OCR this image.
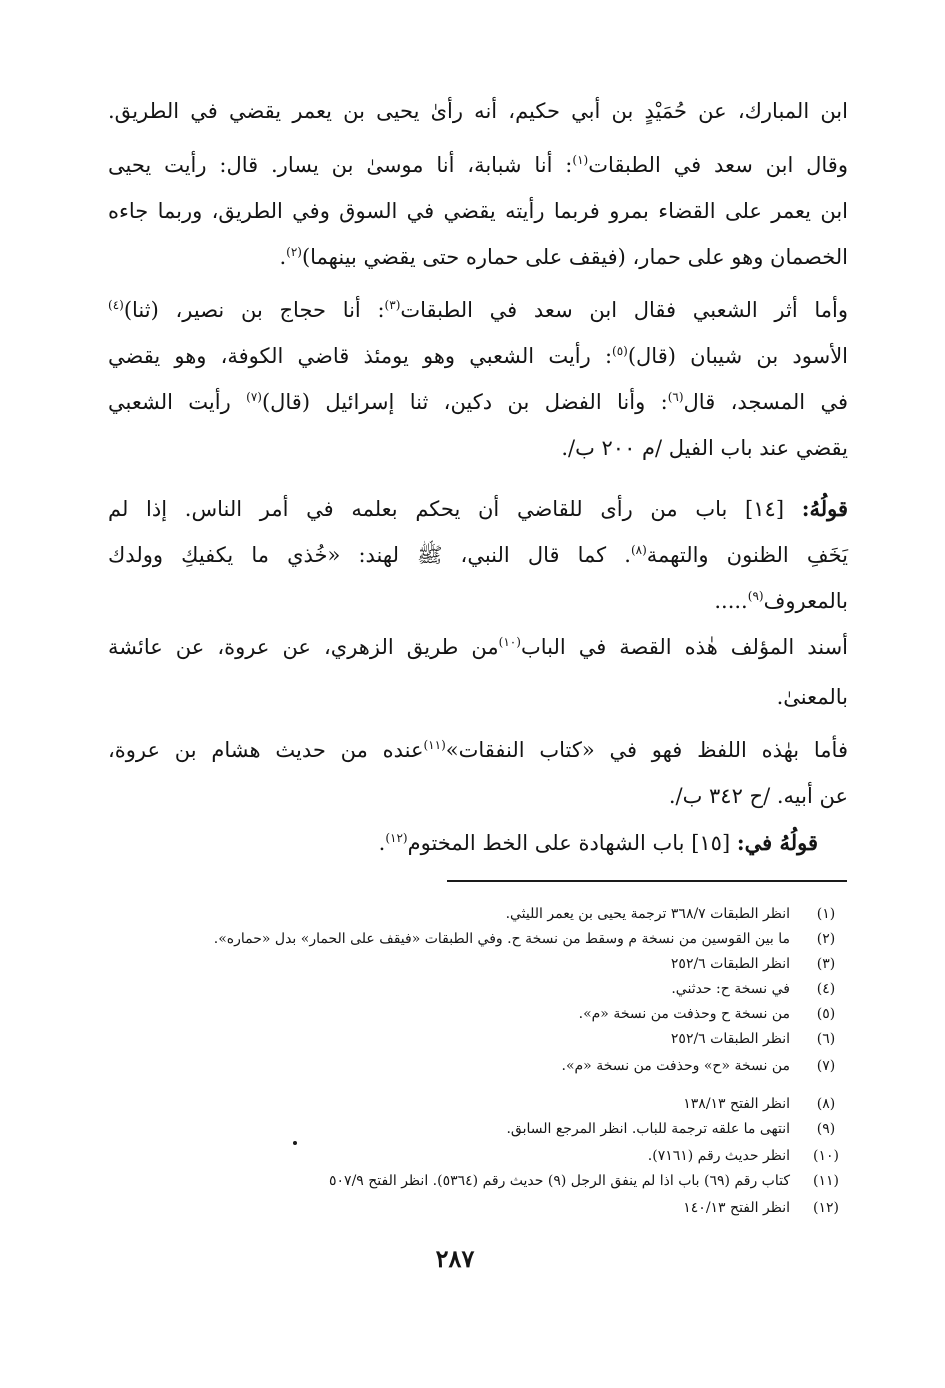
ابن المبارك، عن حُمَيْدٍ بن أبي حكيم، أنه رأىٰ يحيى بن يعمر يقضي في الطريق.
وقال ابن سعد في الطبقات$^{(١)}$: أنا شبابة، أنا موسىٰ بن يسار. قال: رأيت يحيى
ابن يعمر على القضاء بمرو فربما رأيته يقضي في السوق وفي الطريق، وربما جاءه
الخصمان وهو على حمار، (فيقف على حماره حتى يقضي بينهما)$^{(٢)}$.
وأما أثر الشعبي فقال ابن سعد في الطبقات$^{(٣)}$: أنا حجاج بن نصير، (ثنا)$^{(٤)}$
الأسود بن شيبان (قال)$^{(٥)}$: رأيت الشعبي وهو يومئذ قاضي الكوفة، وهو يقضي
في المسجد، قال$^{(٦)}$: وأنا الفضل بن دكين، ثنا إسرائيل (قال)$^{(٧)}$ رأيت الشعبي
يقضي عند باب الفيل /م ٢٠٠ ب/.
قولُهُ: [١٤] باب من رأى للقاضي أن يحكم بعلمه في أمر الناس. إذا لم
يَخَفِ الظنون والتهمة$^{(٨)}$. كما قال النبي، ﷺ لهند: «خُذي ما يكفيكِ وولدك
بالمعروف$^{(٩)}$.....
أسند المؤلف هٰذه القصة في الباب$^{(١٠)}$من طريق الزهري، عن عروة، عن عائشة
بالمعنىٰ.
فأما بهٰذه اللفظ فهو في «كتاب النفقات»$^{(١١)}$عنده من حديث هشام بن عروة،
عن أبيه. /ح ٣٤٢ ب/.
قولُهُ في: [١٥] باب الشهادة على الخط المختوم$^{(١٢)}$.
(١)
انظر الطبقات ٣٦٨/٧ ترجمة يحيى بن يعمر الليثي.
(٢)
ما بين القوسين من نسخة م وسقط من نسخة ح. وفي الطبقات «فيقف على الحمار» بدل «حماره».
(٣)
انظر الطبقات ٢٥٢/٦
(٤)
في نسخة ح: حدثني.
(٥)
من نسخة ح وحذفت من نسخة «م».
(٦)
انظر الطبقات ٢٥٢/٦
(٧)
من نسخة «ح» وحذفت من نسخة «م».
(٨)
انظر الفتح ١٣٨/١٣
(٩)
انتهى ما علقه ترجمة للباب. انظر المرجع السابق.
(١٠)
انظر حديث رقم (٧١٦١).
(١١)
كتاب رقم (٦٩) باب اذا لم ينفق الرجل (٩) حديث رقم (٥٣٦٤). انظر الفتح ٥٠٧/٩
(١٢)
انظر الفتح ١٤٠/١٣
٢٨٧
